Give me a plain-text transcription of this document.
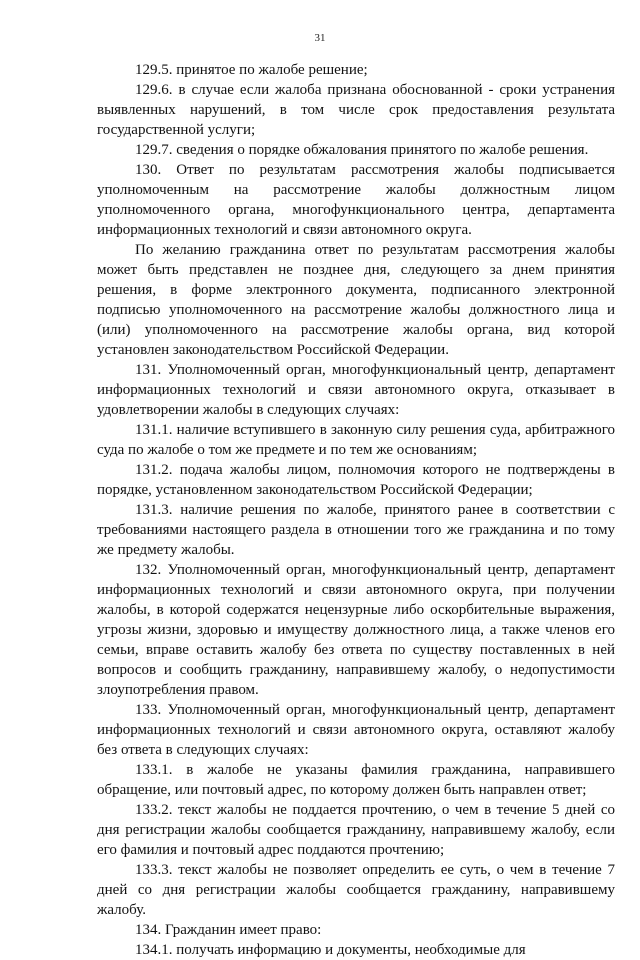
31

129.5. принятое по жалобе решение;

129.6. в случае если жалоба признана обоснованной - сроки устранения выявленных нарушений, в том числе срок предоставления результата государственной услуги;

129.7. сведения о порядке обжалования принятого по жалобе решения.

130. Ответ по результатам рассмотрения жалобы подписывается уполномоченным на рассмотрение жалобы должностным лицом уполномоченного органа, многофункционального центра, департамента информационных технологий и связи автономного округа.

По желанию гражданина ответ по результатам рассмотрения жалобы может быть представлен не позднее дня, следующего за днем принятия решения, в форме электронного документа, подписанного электронной подписью уполномоченного на рассмотрение жалобы должностного лица и (или) уполномоченного на рассмотрение жалобы органа, вид которой установлен законодательством Российской Федерации.

131. Уполномоченный орган, многофункциональный центр, департамент информационных технологий и связи автономного округа, отказывает в удовлетворении жалобы в следующих случаях:

131.1. наличие вступившего в законную силу решения суда, арбитражного суда по жалобе о том же предмете и по тем же основаниям;

131.2. подача жалобы лицом, полномочия которого не подтверждены в порядке, установленном законодательством Российской Федерации;

131.3. наличие решения по жалобе, принятого ранее в соответствии с требованиями настоящего раздела в отношении того же гражданина и по тому же предмету жалобы.

132. Уполномоченный орган, многофункциональный центр, департамент информационных технологий и связи автономного округа, при получении жалобы, в которой содержатся нецензурные либо оскорбительные выражения, угрозы жизни, здоровью и имуществу должностного лица, а также членов его семьи, вправе оставить жалобу без ответа по существу поставленных в ней вопросов и сообщить гражданину, направившему жалобу, о недопустимости злоупотребления правом.

133. Уполномоченный орган, многофункциональный центр, департамент информационных технологий и связи автономного округа, оставляют жалобу без ответа в следующих случаях:

133.1. в жалобе не указаны фамилия гражданина, направившего обращение, или почтовый адрес, по которому должен быть направлен ответ;

133.2. текст жалобы не поддается прочтению, о чем в течение 5 дней со дня регистрации жалобы сообщается гражданину, направившему жалобу, если его фамилия и почтовый адрес поддаются прочтению;

133.3. текст жалобы не позволяет определить ее суть, о чем в течение 7 дней со дня регистрации жалобы сообщается гражданину, направившему жалобу.

134. Гражданин имеет право:

134.1. получать информацию и документы, необходимые для
